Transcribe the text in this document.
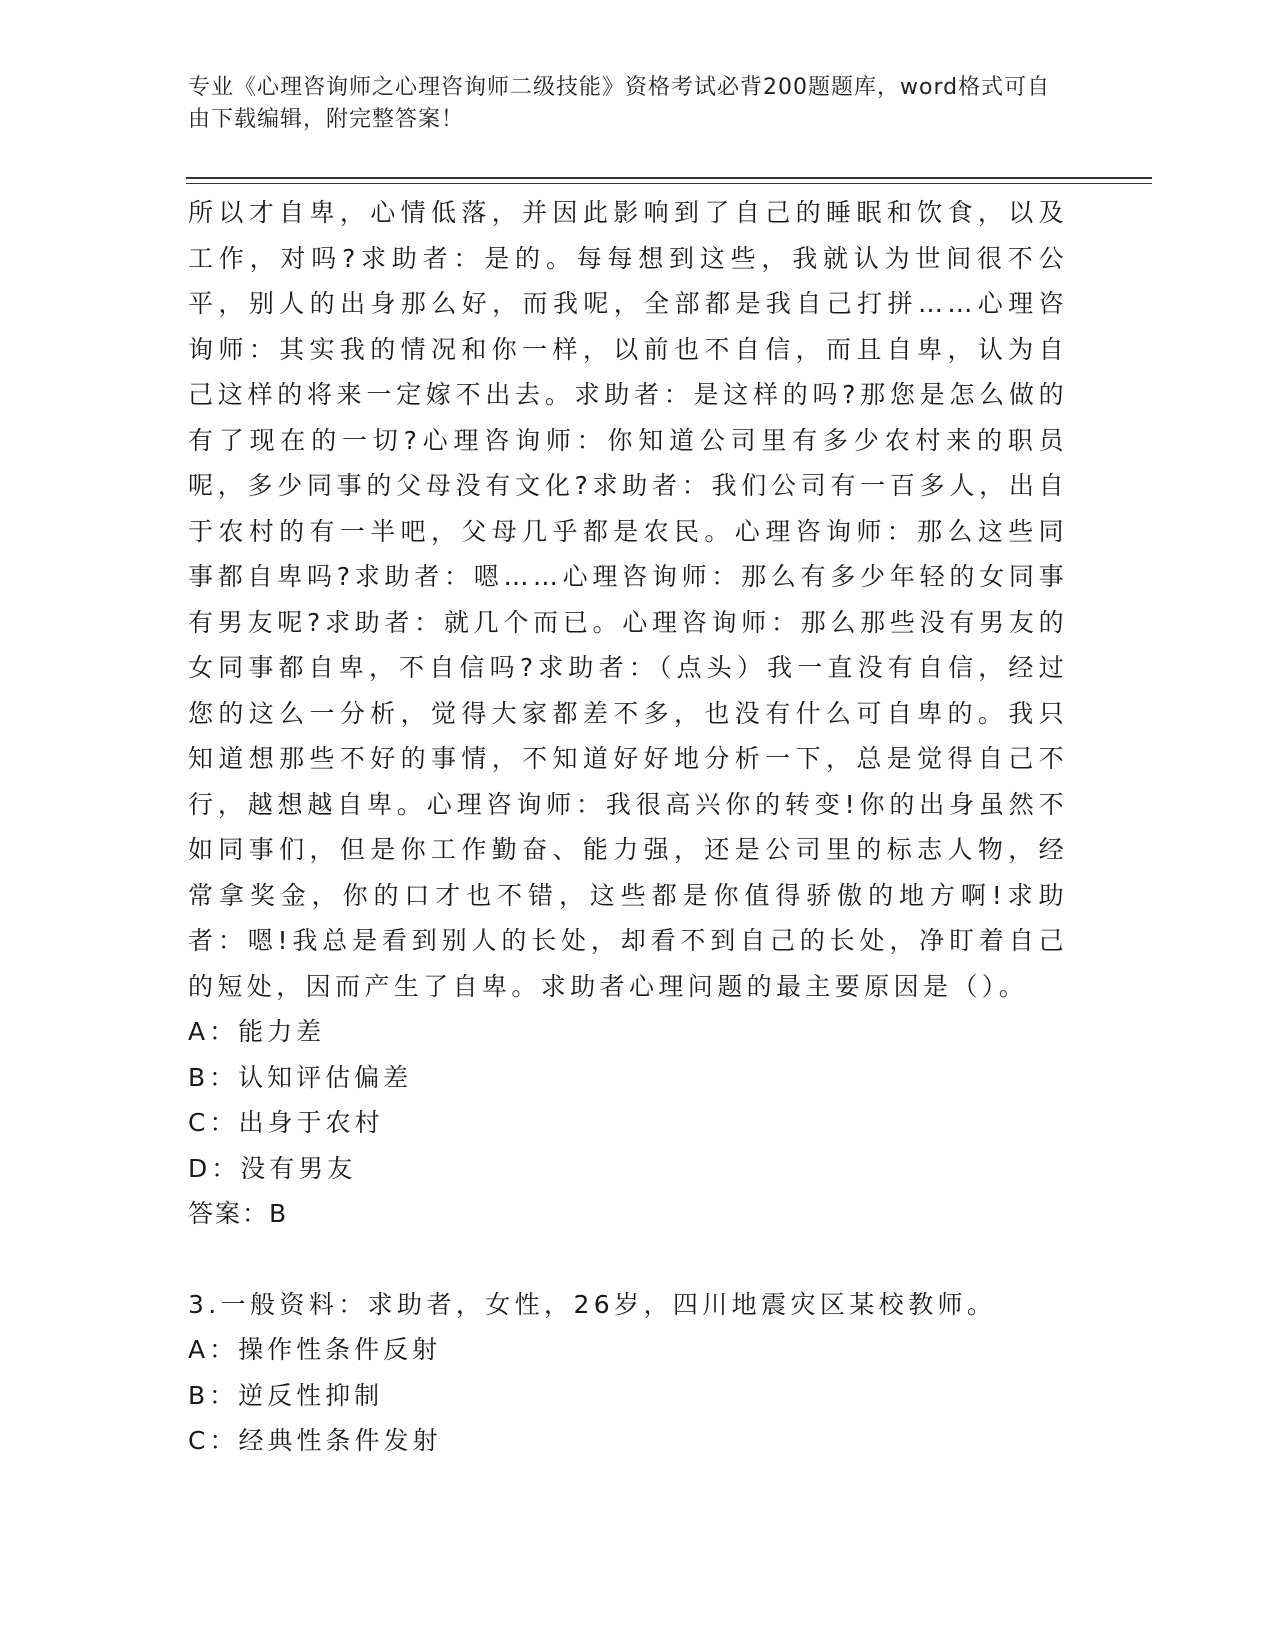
专业《心理咨询师之心理咨询师二级技能》资格考试必背200题题库，word格式可自由下载编辑，附完整答案！

所以才自卑，心情低落，并因此影响到了自己的睡眠和饮食，以及工作，对吗?求助者：是的。每每想到这些，我就认为世间很不公平，别人的出身那么好，而我呢，全部都是我自己打拼……心理咨询师：其实我的情况和你一样，以前也不自信，而且自卑，认为自己这样的将来一定嫁不出去。求助者：是这样的吗?那您是怎么做的有了现在的一切?心理咨询师：你知道公司里有多少农村来的职员呢，多少同事的父母没有文化?求助者：我们公司有一百多人，出自于农村的有一半吧，父母几乎都是农民。心理咨询师：那么这些同事都自卑吗?求助者：嗯……心理咨询师：那么有多少年轻的女同事有男友呢?求助者：就几个而已。心理咨询师：那么那些没有男友的女同事都自卑，不自信吗?求助者：（点头）我一直没有自信，经过您的这么一分析，觉得大家都差不多，也没有什么可自卑的。我只知道想那些不好的事情，不知道好好地分析一下，总是觉得自己不行，越想越自卑。心理咨询师：我很高兴你的转变!你的出身虽然不如同事们，但是你工作勤奋、能力强，还是公司里的标志人物，经常拿奖金，你的口才也不错，这些都是你值得骄傲的地方啊!求助者：嗯!我总是看到别人的长处，却看不到自己的长处，净盯着自己的短处，因而产生了自卑。求助者心理问题的最主要原因是（）。

A：能力差

B：认知评估偏差

C：出身于农村

D：没有男友

答案：B

3.一般资料：求助者，女性，26岁，四川地震灾区某校教师。

A：操作性条件反射

B：逆反性抑制

C：经典性条件发射
